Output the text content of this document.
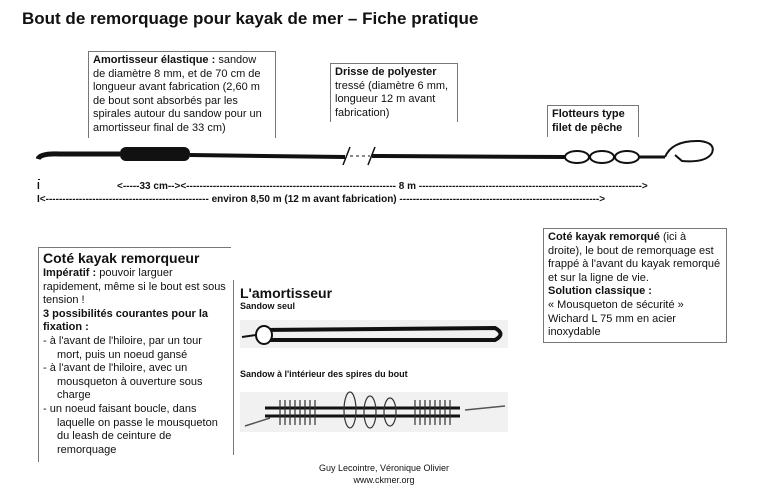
Bout de remorquage pour kayak de mer – Fiche pratique
Amortisseur élastique : sandow de diamètre 8 mm, et de 70 cm de longueur avant fabrication (2,60 m de bout sont absorbés par les spirales autour du sandow pour un amortisseur final de 33 cm)
Drisse de polyester tressé (diamètre 6 mm, longueur 12 m avant fabrication)	Flotteurs type filet de pêche
<-----33 cm--><--------------------------------------------------------------- 8 m ------------------------------------------------------------------->
I
I<------------------------------------------------- environ 8,50 m (12 m avant fabrication) ------------------------------------------------------------>
Coté kayak remorqueur
Impératif : pouvoir larguer rapidement, même si le bout est sous tension !
3 possibilités courantes pour la fixation :
- à l'avant de l'hiloire, par un tour mort, puis un noeud gansé
- à l'avant de l'hiloire, avec un mousqueton à ouverture sous charge
- un noeud faisant boucle, dans laquelle on passe le mousqueton du leash de ceinture de remorquage
L'amortisseur
Sandow seul
Sandow à l'intérieur des spires du bout
Coté kayak remorqué (ici à droite), le bout de remorquage est frappé à l'avant du kayak remorqué et sur la ligne de vie.
Solution classique :
« Mousqueton de sécurité » Wichard L 75 mm en acier inoxydable
Guy Lecointre, Véronique Olivier
www.ckmer.org
